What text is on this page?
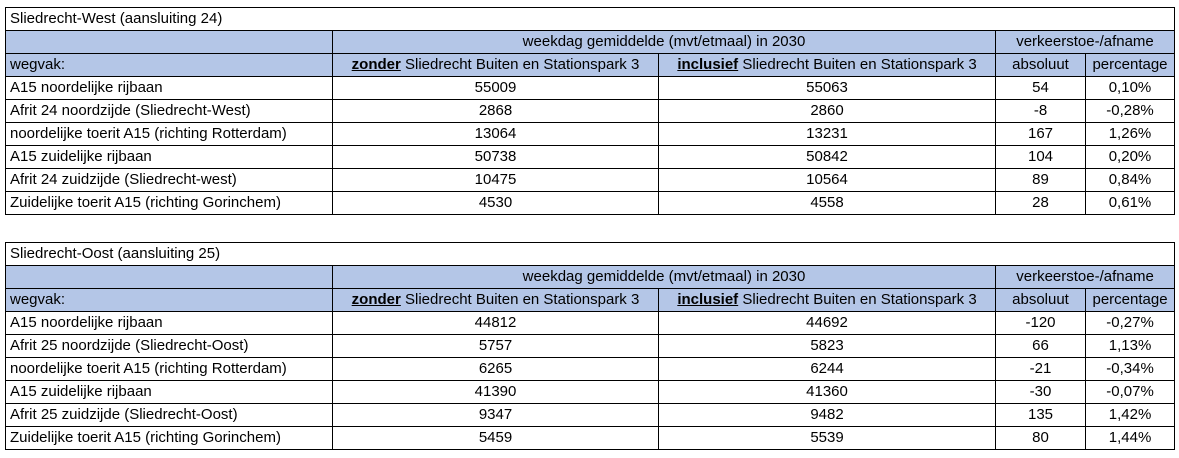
Sliedrecht-West (aansluiting 24)				
	weekdag gemiddelde (mvt/etmaal) in 2030		verkeerstoe-/afname	
wegvak:	zonder Sliedrecht Buiten en Stationspark 3	inclusief Sliedrecht Buiten en Stationspark 3	absoluut	percentage
A15 noordelijke rijbaan	55009	55063	54	0,10%
Afrit 24 noordzijde (Sliedrecht-West)	2868	2860	-8	-0,28%
noordelijke toerit A15 (richting Rotterdam)	13064	13231	167	1,26%
A15 zuidelijke rijbaan	50738	50842	104	0,20%
Afrit 24 zuidzijde (Sliedrecht-west)	10475	10564	89	0,84%
Zuidelijke toerit A15 (richting Gorinchem)	4530	4558	28	0,61%
Sliedrecht-Oost (aansluiting 25)				
	weekdag gemiddelde (mvt/etmaal) in 2030		verkeerstoe-/afname	
wegvak:	zonder Sliedrecht Buiten en Stationspark 3	inclusief Sliedrecht Buiten en Stationspark 3	absoluut	percentage
A15 noordelijke rijbaan	44812	44692	-120	-0,27%
Afrit 25 noordzijde (Sliedrecht-Oost)	5757	5823	66	1,13%
noordelijke toerit A15 (richting Rotterdam)	6265	6244	-21	-0,34%
A15 zuidelijke rijbaan	41390	41360	-30	-0,07%
Afrit 25 zuidzijde (Sliedrecht-Oost)	9347	9482	135	1,42%
Zuidelijke toerit A15 (richting Gorinchem)	5459	5539	80	1,44%
